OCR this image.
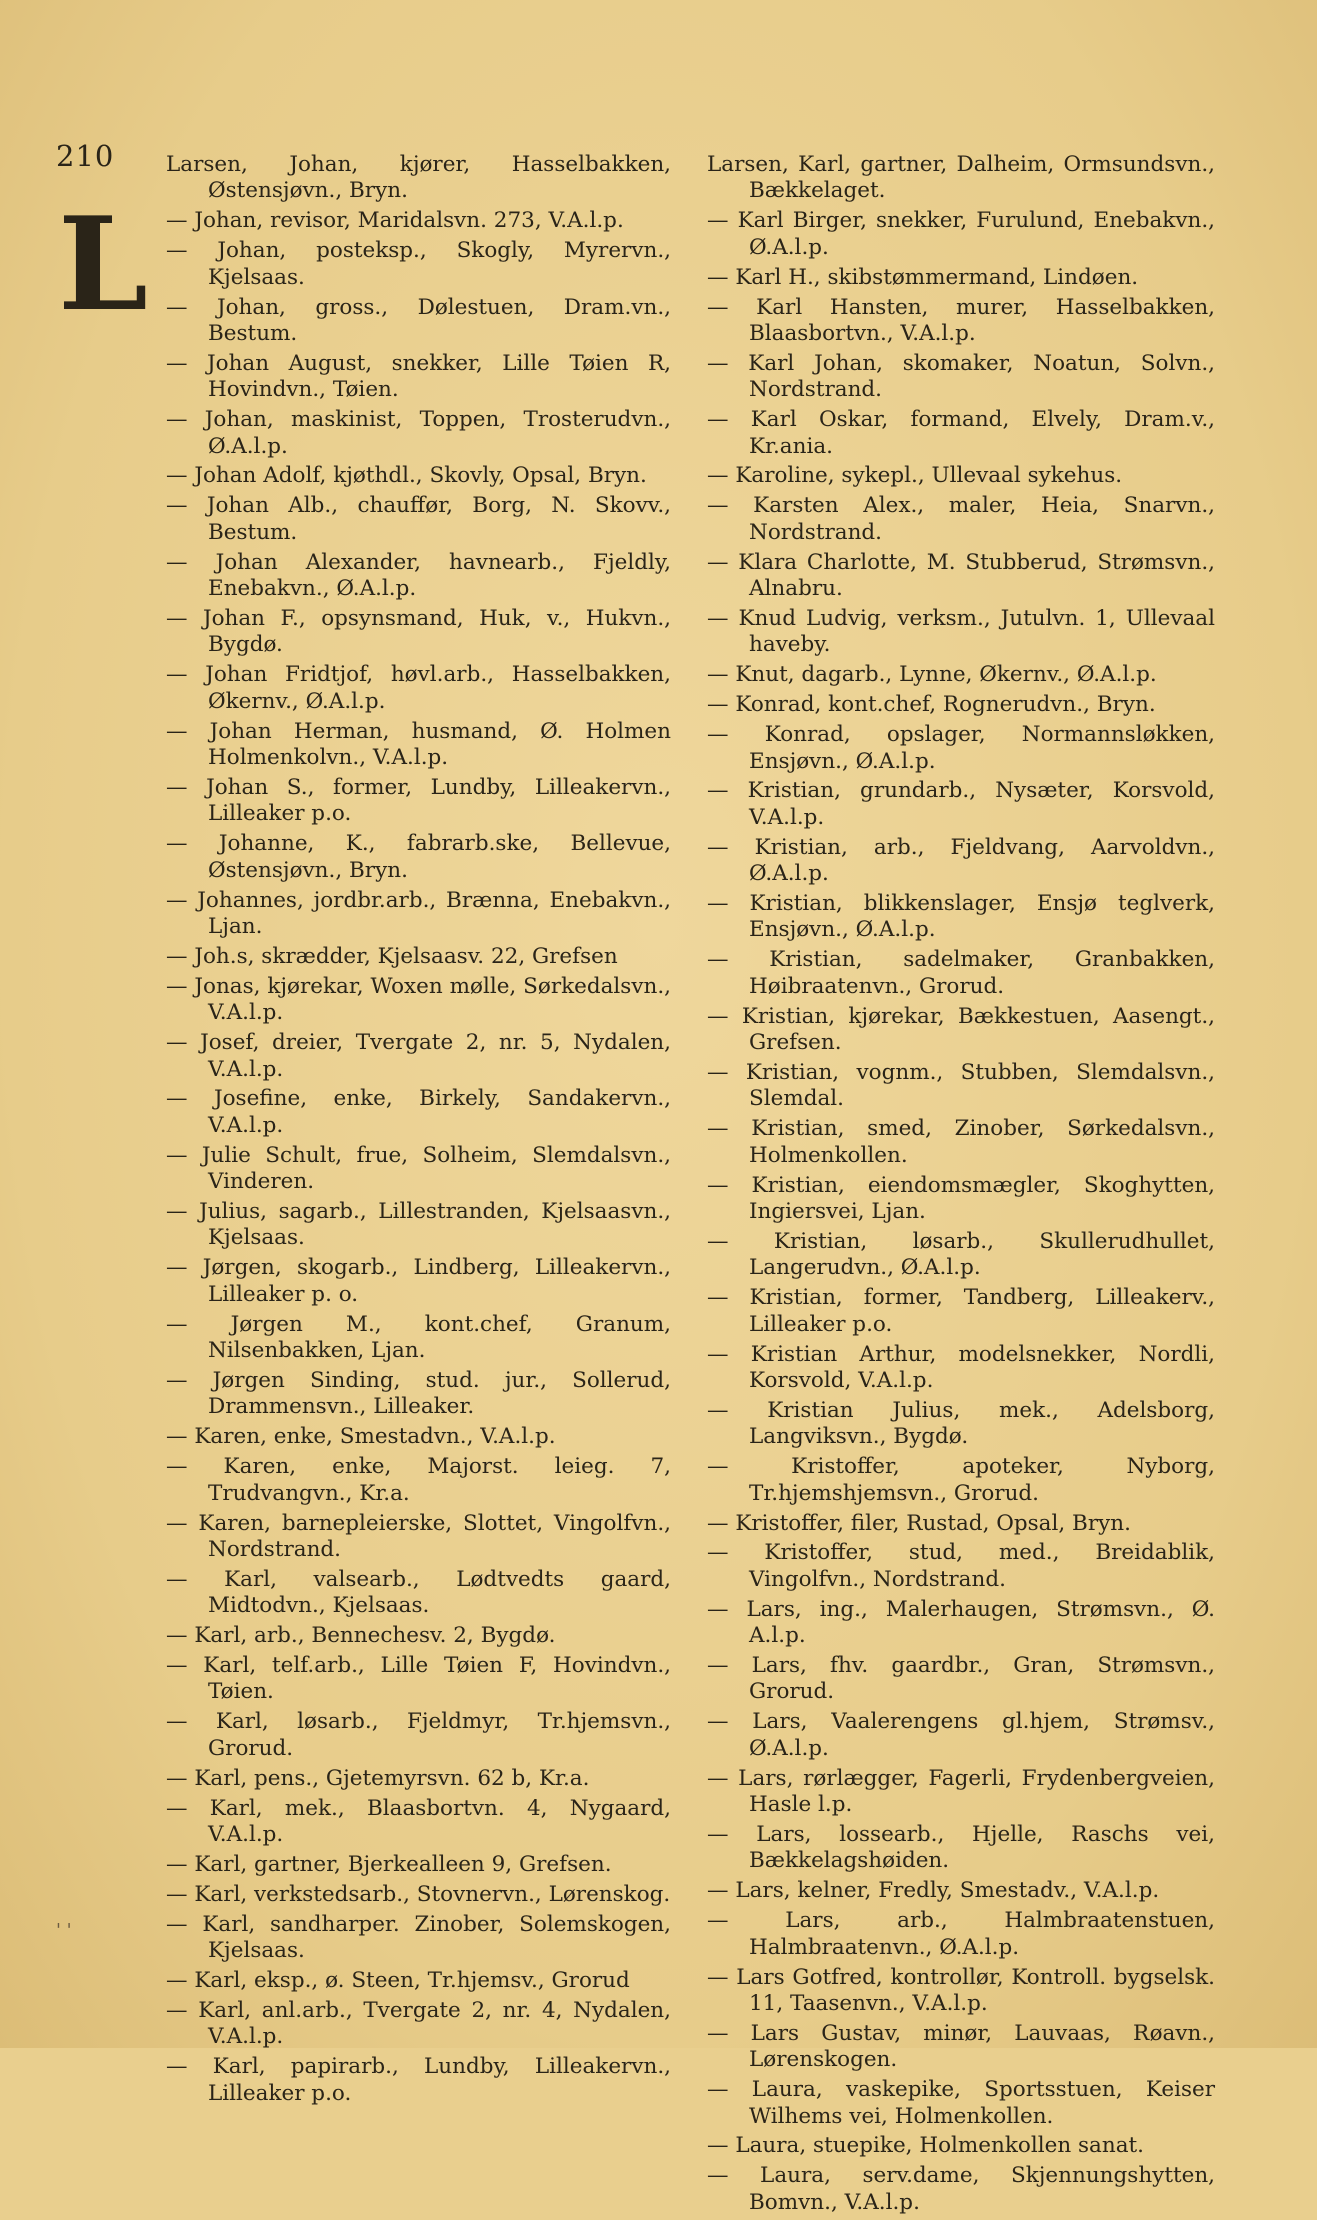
210
L

Larsen, Johan, kjører, Hasselbakken, Østensjøvn., Bryn.

— Johan, revisor, Maridalsvn. 273, V.A.l.p.

— Johan, posteksp., Skogly, Myrervn., Kjelsaas.

— Johan, gross., Dølestuen, Dram.vn., Bestum.

— Johan August, snekker, Lille Tøien R, Hovindvn., Tøien.

— Johan, maskinist, Toppen, Trosterudvn., Ø.A.l.p.

— Johan Adolf, kjøthdl., Skovly, Opsal, Bryn.

— Johan Alb., chauffør, Borg, N. Skovv., Bestum.

— Johan Alexander, havnearb., Fjeldly, Enebakvn., Ø.A.l.p.

— Johan F., opsynsmand, Huk, v., Hukvn., Bygdø.

— Johan Fridtjof, høvl.arb., Hasselbakken, Økernv., Ø.A.l.p.

— Johan Herman, husmand, Ø. Holmen Holmenkolvn., V.A.l.p.

— Johan S., former, Lundby, Lilleakervn., Lilleaker p.o.

— Johanne, K., fabrarb.ske, Bellevue, Østensjøvn., Bryn.

— Johannes, jordbr.arb., Brænna, Enebakvn., Ljan.

— Joh.s, skrædder, Kjelsaasv. 22, Grefsen

— Jonas, kjørekar, Woxen mølle, Sørkedalsvn., V.A.l.p.

— Josef, dreier, Tvergate 2, nr. 5, Nydalen, V.A.l.p.

— Josefine, enke, Birkely, Sandakervn., V.A.l.p.

— Julie Schult, frue, Solheim, Slemdalsvn., Vinderen.

— Julius, sagarb., Lillestranden, Kjelsaasvn., Kjelsaas.

— Jørgen, skogarb., Lindberg, Lilleakervn., Lilleaker p. o.

— Jørgen M., kont.chef, Granum, Nilsenbakken, Ljan.

— Jørgen Sinding, stud. jur., Sollerud, Drammensvn., Lilleaker.

— Karen, enke, Smestadvn., V.A.l.p.

— Karen, enke, Majorst. leieg. 7, Trudvangvn., Kr.a.

— Karen, barnepleierske, Slottet, Vingolfvn., Nordstrand.

— Karl, valsearb., Lødtvedts gaard, Midtodvn., Kjelsaas.

— Karl, arb., Bennechesv. 2, Bygdø.

— Karl, telf.arb., Lille Tøien F, Hovindvn., Tøien.

— Karl, løsarb., Fjeldmyr, Tr.hjemsvn., Grorud.

— Karl, pens., Gjetemyrsvn. 62 b, Kr.a.

— Karl, mek., Blaasbortvn. 4, Nygaard, V.A.l.p.

— Karl, gartner, Bjerkealleen 9, Grefsen.

— Karl, verkstedsarb., Stovnervn., Lørenskog.

— Karl, sandharper. Zinober, Solemskogen, Kjelsaas.

— Karl, eksp., ø. Steen, Tr.hjemsv., Grorud

— Karl, anl.arb., Tvergate 2, nr. 4, Nydalen, V.A.l.p.

— Karl, papirarb., Lundby, Lilleakervn., Lilleaker p.o.

Larsen, Karl, gartner, Dalheim, Ormsundsvn., Bækkelaget.

— Karl Birger, snekker, Furulund, Enebakvn., Ø.A.l.p.

— Karl H., skibstømmermand, Lindøen.

— Karl Hansten, murer, Hasselbakken, Blaasbortvn., V.A.l.p.

— Karl Johan, skomaker, Noatun, Solvn., Nordstrand.

— Karl Oskar, formand, Elvely, Dram.v., Kr.ania.

— Karoline, sykepl., Ullevaal sykehus.

— Karsten Alex., maler, Heia, Snarvn., Nordstrand.

— Klara Charlotte, M. Stubberud, Strømsvn., Alnabru.

— Knud Ludvig, verksm., Jutulvn. 1, Ullevaal haveby.

— Knut, dagarb., Lynne, Økernv., Ø.A.l.p.

— Konrad, kont.chef, Rognerudvn., Bryn.

— Konrad, opslager, Normannsløkken, Ensjøvn., Ø.A.l.p.

— Kristian, grundarb., Nysæter, Korsvold, V.A.l.p.

— Kristian, arb., Fjeldvang, Aarvoldvn., Ø.A.l.p.

— Kristian, blikkenslager, Ensjø teglverk, Ensjøvn., Ø.A.l.p.

— Kristian, sadelmaker, Granbakken, Høibraatenvn., Grorud.

— Kristian, kjørekar, Bækkestuen, Aasengt., Grefsen.

— Kristian, vognm., Stubben, Slemdalsvn., Slemdal.

— Kristian, smed, Zinober, Sørkedalsvn., Holmenkollen.

— Kristian, eiendomsmægler, Skoghytten, Ingiersvei, Ljan.

— Kristian, løsarb., Skullerudhullet, Langerudvn., Ø.A.l.p.

— Kristian, former, Tandberg, Lilleakerv., Lilleaker p.o.

— Kristian Arthur, modelsnekker, Nordli, Korsvold, V.A.l.p.

— Kristian Julius, mek., Adelsborg, Langviksvn., Bygdø.

— Kristoffer, apoteker, Nyborg, Tr.hjemshjemsvn., Grorud.

— Kristoffer, filer, Rustad, Opsal, Bryn.

— Kristoffer, stud, med., Breidablik, Vingolfvn., Nordstrand.

— Lars, ing., Malerhaugen, Strømsvn., Ø. A.l.p.

— Lars, fhv. gaardbr., Gran, Strømsvn., Grorud.

— Lars, Vaalerengens gl.hjem, Strømsv., Ø.A.l.p.

— Lars, rørlægger, Fagerli, Frydenbergveien, Hasle l.p.

— Lars, lossearb., Hjelle, Raschs vei, Bækkelagshøiden.

— Lars, kelner, Fredly, Smestadv., V.A.l.p.

— Lars, arb., Halmbraatenstuen, Halmbraatenvn., Ø.A.l.p.

— Lars Gotfred, kontrollør, Kontroll. bygselsk. 11, Taasenvn., V.A.l.p.

— Lars Gustav, minør, Lauvaas, Røavn., Lørenskogen.

— Laura, vaskepike, Sportsstuen, Keiser Wilhems vei, Holmenkollen.

— Laura, stuepike, Holmenkollen sanat.

— Laura, serv.dame, Skjennungshytten, Bomvn., V.A.l.p.

' '
